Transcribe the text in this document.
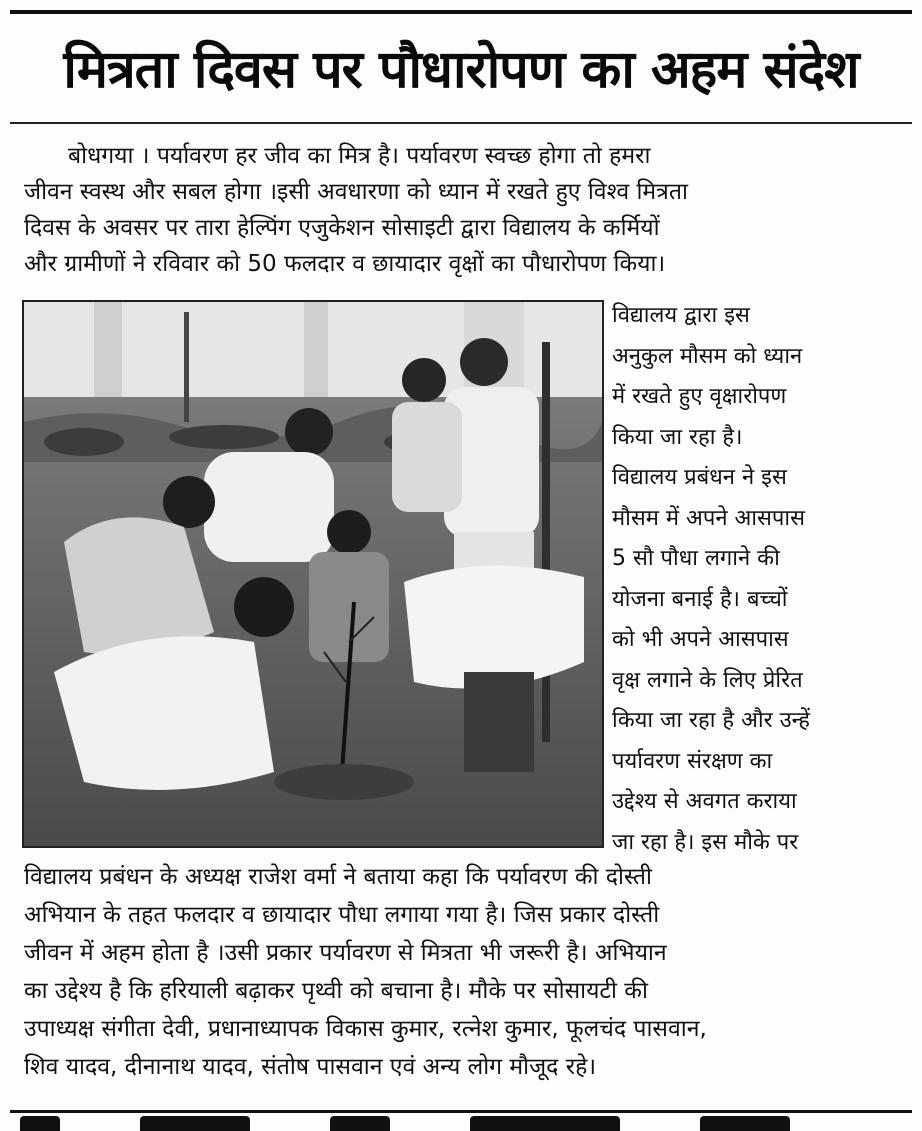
मित्रता दिवस पर पौधारोपण का अहम संदेश
बोधगया । पर्यावरण हर जीव का मित्र है। पर्यावरण स्वच्छ होगा तो हमरा
जीवन स्वस्थ और सबल होगा ।इसी अवधारणा को ध्यान में रखते हुए विश्व मित्रता
दिवस के अवसर पर तारा हेल्पिंग एजुकेशन सोसाइटी द्वारा विद्यालय के कर्मियों
और ग्रामीणों ने रविवार को 50 फलदार व छायादार वृक्षों का पौधारोपण किया।
विद्यालय द्वारा इस
अनुकुल मौसम को ध्यान
में रखते हुए वृक्षारोपण
किया जा रहा है।
विद्यालय प्रबंधन ने इस
मौसम में अपने आसपास
5 सौ पौधा लगाने की
योजना बनाई है। बच्चों
को भी अपने आसपास
वृक्ष लगाने के लिए प्रेरित
किया जा रहा है और उन्हें
पर्यावरण संरक्षण का
उद्देश्य से अवगत कराया
जा रहा है। इस मौके पर
विद्यालय प्रबंधन के अध्यक्ष राजेश वर्मा ने बताया कहा कि पर्यावरण की दोस्ती
अभियान के तहत फलदार व छायादार पौधा लगाया गया है। जिस प्रकार दोस्ती
जीवन में अहम होता है ।उसी प्रकार पर्यावरण से मित्रता भी जरूरी है। अभियान
का उद्देश्य है कि हरियाली बढ़ाकर पृथ्वी को बचाना है। मौके पर सोसायटी की
उपाध्यक्ष संगीता देवी, प्रधानाध्यापक विकास कुमार, रत्नेश कुमार, फूलचंद पासवान,
शिव यादव, दीनानाथ यादव, संतोष पासवान एवं अन्य लोग मौजूद रहे।
